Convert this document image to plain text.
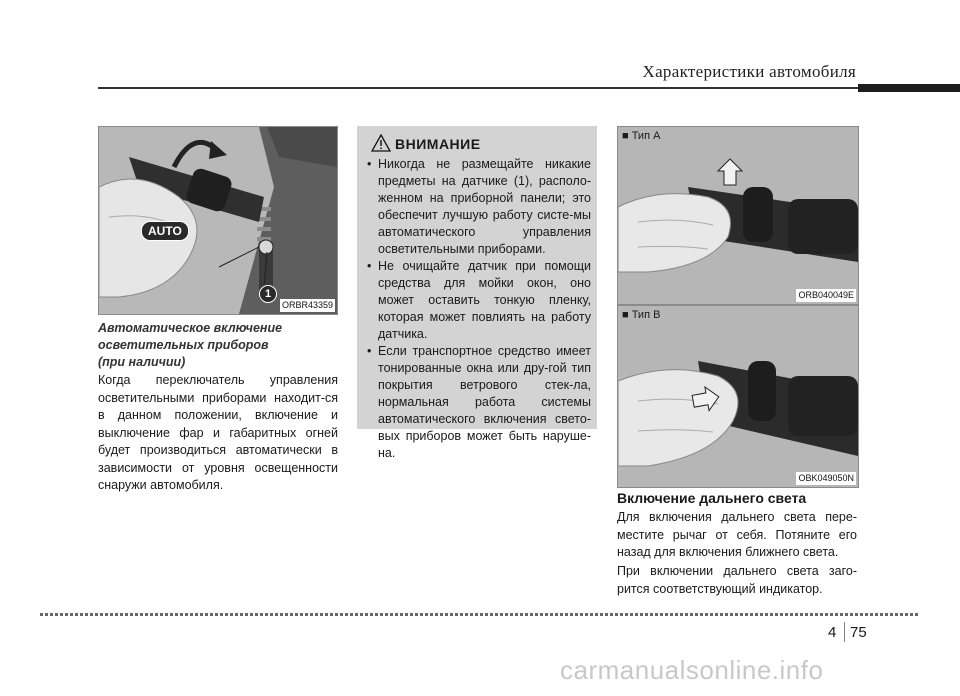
Характеристики автомобиля
AUTO
1
ORBR43359
Автоматическое включение
осветительных приборов
(при наличии)
Когда переключатель управления осветительными приборами находит-ся в данном положении, включение и выключение фар и габаритных огней будет производиться автоматически в зависимости от уровня освещенности снаружи автомобиля.
ВНИМАНИЕ
• Никогда не размещайте никакие предметы на датчике (1), располо-женном на приборной панели; это обеспечит лучшую работу систе-мы автоматического управления осветительными приборами.
• Не очищайте датчик при помощи средства для мойки окон, оно может оставить тонкую пленку, которая может повлиять на работу датчика.
• Если транспортное средство имеет тонированные окна или дру-гой тип покрытия ветрового стек-ла, нормальная работа системы автоматического включения свето-вых приборов может быть наруше-на.
■ Тип A
ORB040049E
■ Тип B
OBK049050N
Включение дальнего света
Для включения дальнего света пере-местите рычаг от себя. Потяните его назад для включения ближнего света.
При включении дальнего света заго-рится соответствующий индикатор.
4 75
carmanualsonline.info
